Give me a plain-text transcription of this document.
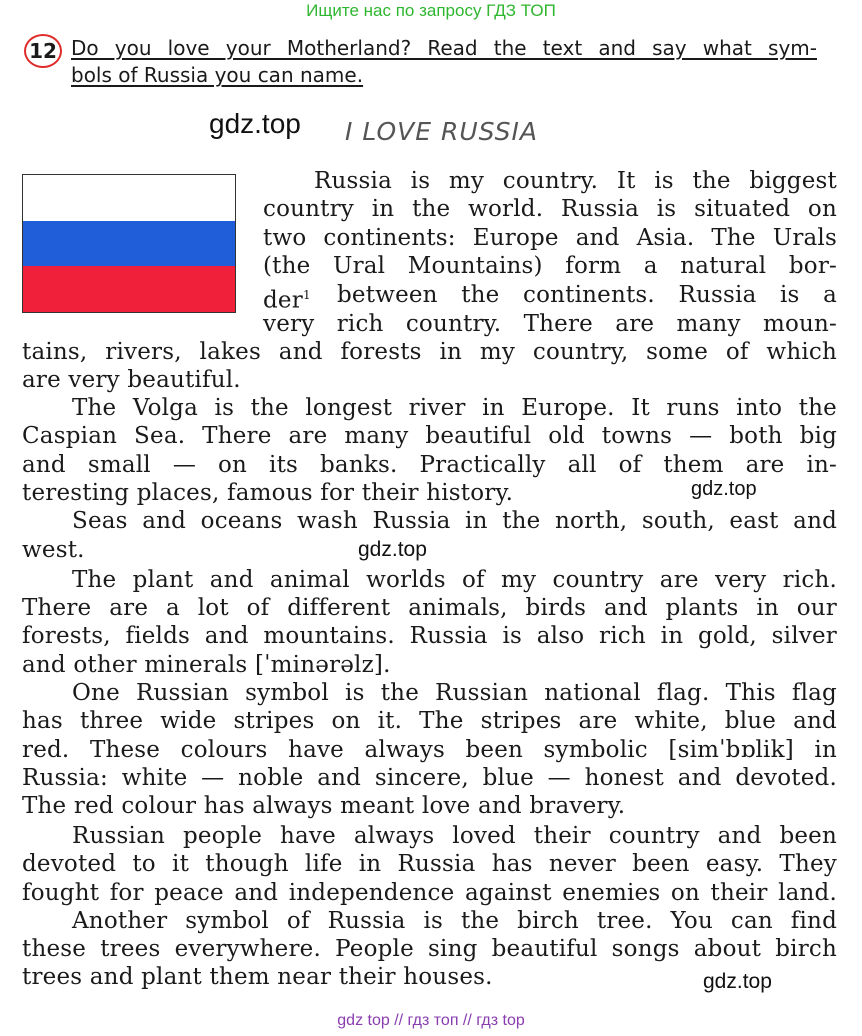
Ищите нас по запросу ГДЗ ТОП
12 Do you love your Motherland? Read the text and say what sym-
bols of Russia you can name.
gdz.top I LOVE RUSSIA
Russia is my country. It is the biggest
country in the world. Russia is situated on
two continents: Europe and Asia. The Urals
(the Ural Mountains) form a natural bor-
der$^1$ between the continents. Russia is a
very rich country. There are many moun-
tains, rivers, lakes and forests in my country, some of which
are very beautiful.
The Volga is the longest river in Europe. It runs into the
Caspian Sea. There are many beautiful old towns — both big
and small — on its banks. Practically all of them are in-
teresting places, famous for their history.
Seas and oceans wash Russia in the north, south, east and
west.
The plant and animal worlds of my country are very rich.
There are a lot of different animals, birds and plants in our
forests, fields and mountains. Russia is also rich in gold, silver
and other minerals [ˈminərəlz].
One Russian symbol is the Russian national flag. This flag
has three wide stripes on it. The stripes are white, blue and
red. These colours have always been symbolic [simˈbɒlik] in
Russia: white — noble and sincere, blue — honest and devoted.
The red colour has always meant love and bravery.
Russian people have always loved their country and been
devoted to it though life in Russia has never been easy. They
fought for peace and independence against enemies on their land.
Another symbol of Russia is the birch tree. You can find
these trees everywhere. People sing beautiful songs about birch
trees and plant them near their houses.
gdz.top
gdz.top
gdz.top
gdz top // гдз топ // гдз top
